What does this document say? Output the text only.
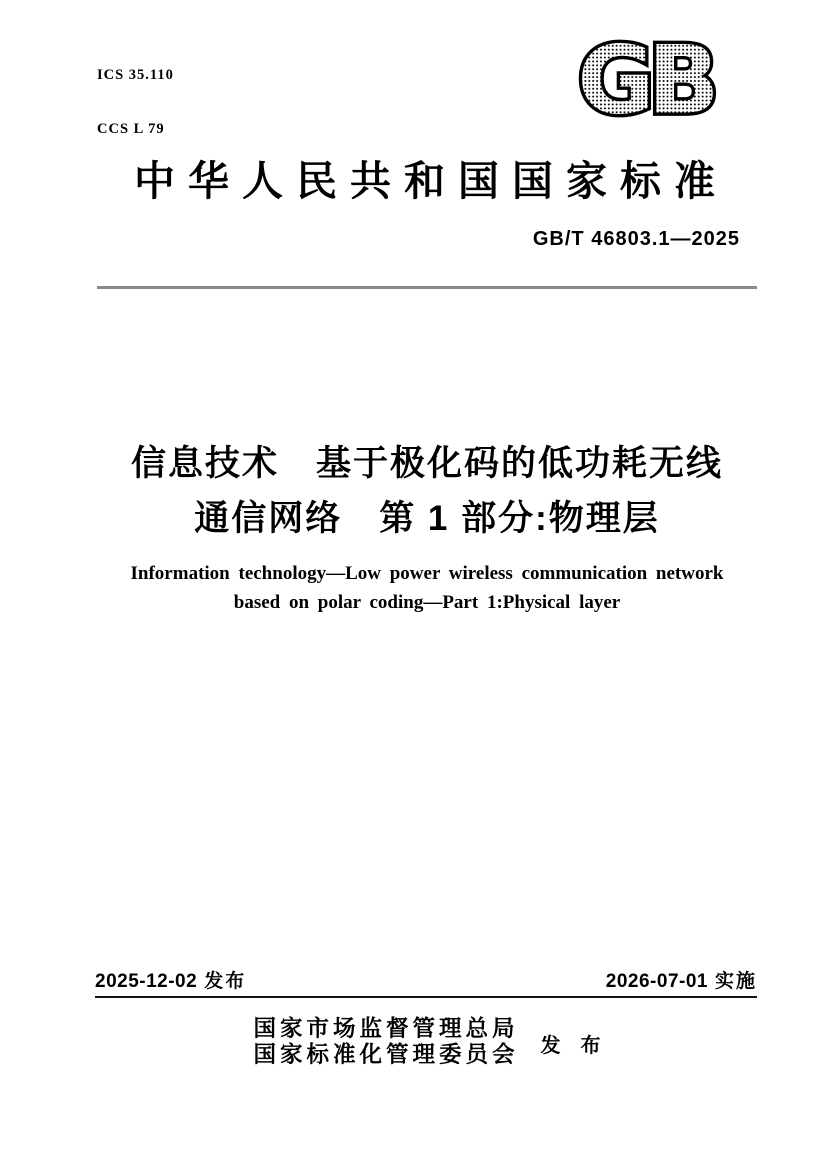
ICS 35.110

CCS L 79

	GB
中华人民共和国国家标准
GB/T 46803.1—2025
信息技术　基于极化码的低功耗无线
通信网络　第 1 部分:物理层
Information technology—Low power wireless communication network
based on polar coding—Part 1:Physical layer
2025-12-02 发布	2026-07-01 实施
国家市场监督管理总局
国家标准化管理委员会 发　布
